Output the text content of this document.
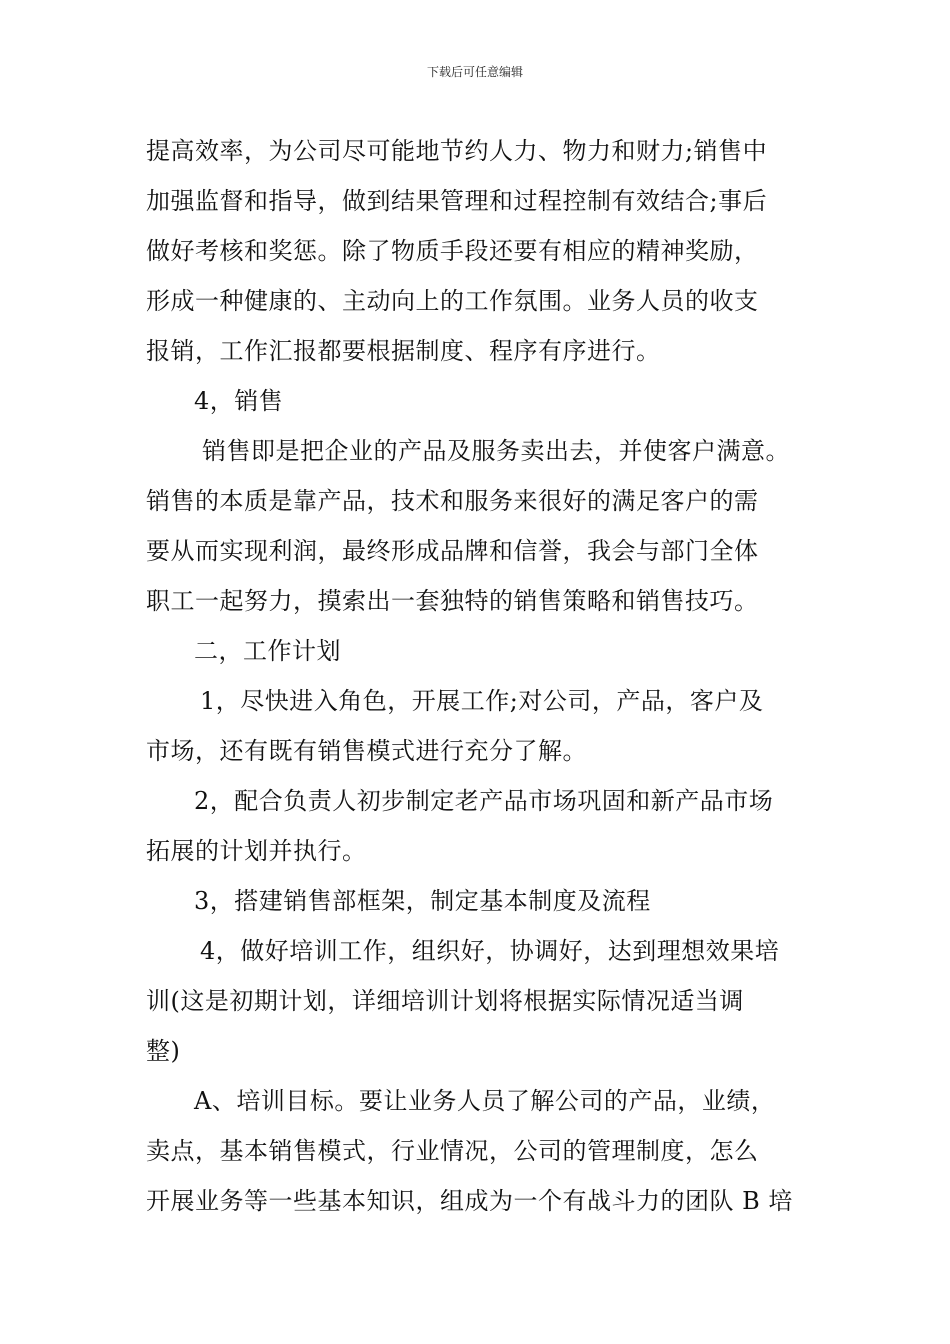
下载后可任意编辑
提高效率，为公司尽可能地节约人力、物力和财力;销售中
加强监督和指导，做到结果管理和过程控制有效结合;事后
做好考核和奖惩。除了物质手段还要有相应的精神奖励，
形成一种健康的、主动向上的工作氛围。业务人员的收支
报销，工作汇报都要根据制度、程序有序进行。
4，销售
销售即是把企业的产品及服务卖出去，并使客户满意。
销售的本质是靠产品，技术和服务来很好的满足客户的需
要从而实现利润，最终形成品牌和信誉，我会与部门全体
职工一起努力，摸索出一套独特的销售策略和销售技巧。
二，工作计划
1，尽快进入角色，开展工作;对公司，产品，客户及
市场，还有既有销售模式进行充分了解。
2，配合负责人初步制定老产品市场巩固和新产品市场
拓展的计划并执行。
3，搭建销售部框架，制定基本制度及流程
4，做好培训工作，组织好，协调好，达到理想效果培
训(这是初期计划，详细培训计划将根据实际情况适当调
整)
A、培训目标。要让业务人员了解公司的产品，业绩，
卖点，基本销售模式，行业情况，公司的管理制度，怎么
开展业务等一些基本知识，组成为一个有战斗力的团队 B 培
